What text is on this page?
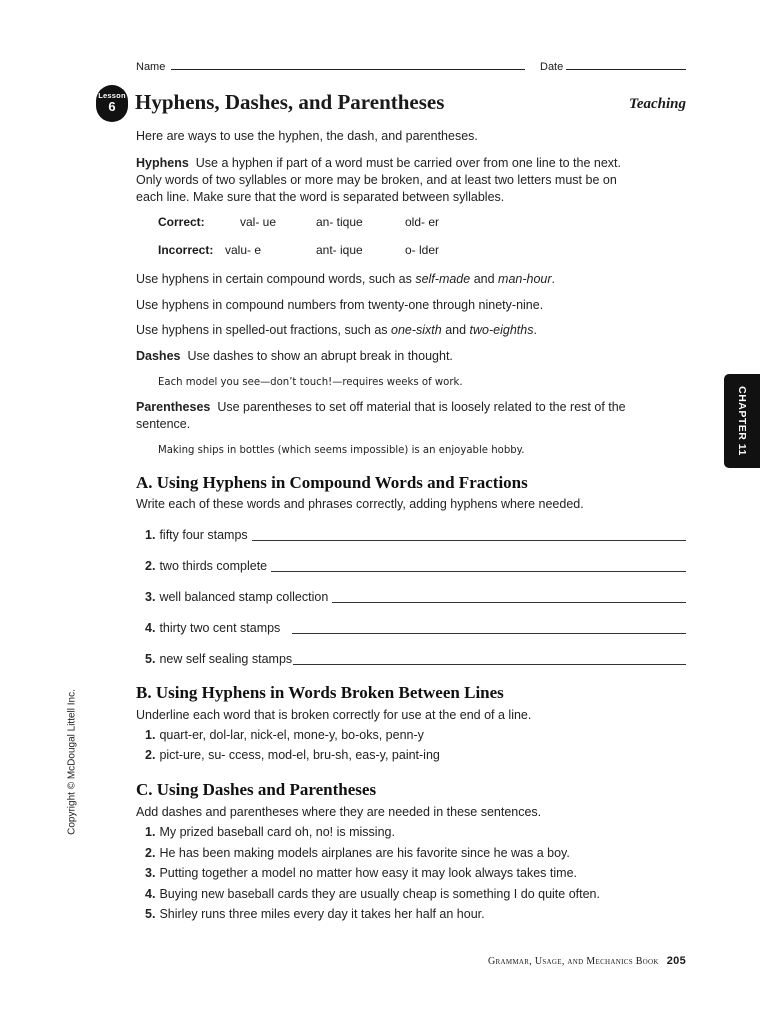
Name	Date
Lesson
6 Hyphens, Dashes, and Parentheses	Teaching

Here are ways to use the hyphen, the dash, and parentheses.

Hyphens Use a hyphen if part of a word must be carried over from one line to the next. Only words of two syllables or more may be broken, and at least two letters must be on each line. Make sure that the word is separated between syllables.

Correct:	val- ue	an- tique	old- er
Incorrect: valu- e	ant- ique	o- lder

Use hyphens in certain compound words, such as self-made and man-hour.

Use hyphens in compound numbers from twenty-one through ninety-nine.

Use hyphens in spelled-out fractions, such as one-sixth and two-eighths.

Dashes Use dashes to show an abrupt break in thought.

Each model you see—don’t touch!—requires weeks of work.

Parentheses Use parentheses to set off material that is loosely related to the rest of the sentence.

Making ships in bottles (which seems impossible) is an enjoyable hobby.
A. Using Hyphens in Compound Words and Fractions

Write each of these words and phrases correctly, adding hyphens where needed.

1. fifty four stamps
2. two thirds complete
3. well balanced stamp collection
4. thirty two cent stamps
5. new self sealing stamps
B. Using Hyphens in Words Broken Between Lines

Underline each word that is broken correctly for use at the end of a line.

1. quart-er, dol-lar, nick-el, mone-y, bo-oks, penn-y
2. pict-ure, su- ccess, mod-el, bru-sh, eas-y, paint-ing
C. Using Dashes and Parentheses

Add dashes and parentheses where they are needed in these sentences.

1. My prized baseball card oh, no! is missing.
2. He has been making models airplanes are his favorite since he was a boy.
3. Putting together a model no matter how easy it may look always takes time.
4. Buying new baseball cards they are usually cheap is something I do quite often.
5. Shirley runs three miles every day it takes her half an hour.
CHAPTER 11
Copyright © McDougal Littell Inc.
Grammar, Usage, and Mechanics Book 205
